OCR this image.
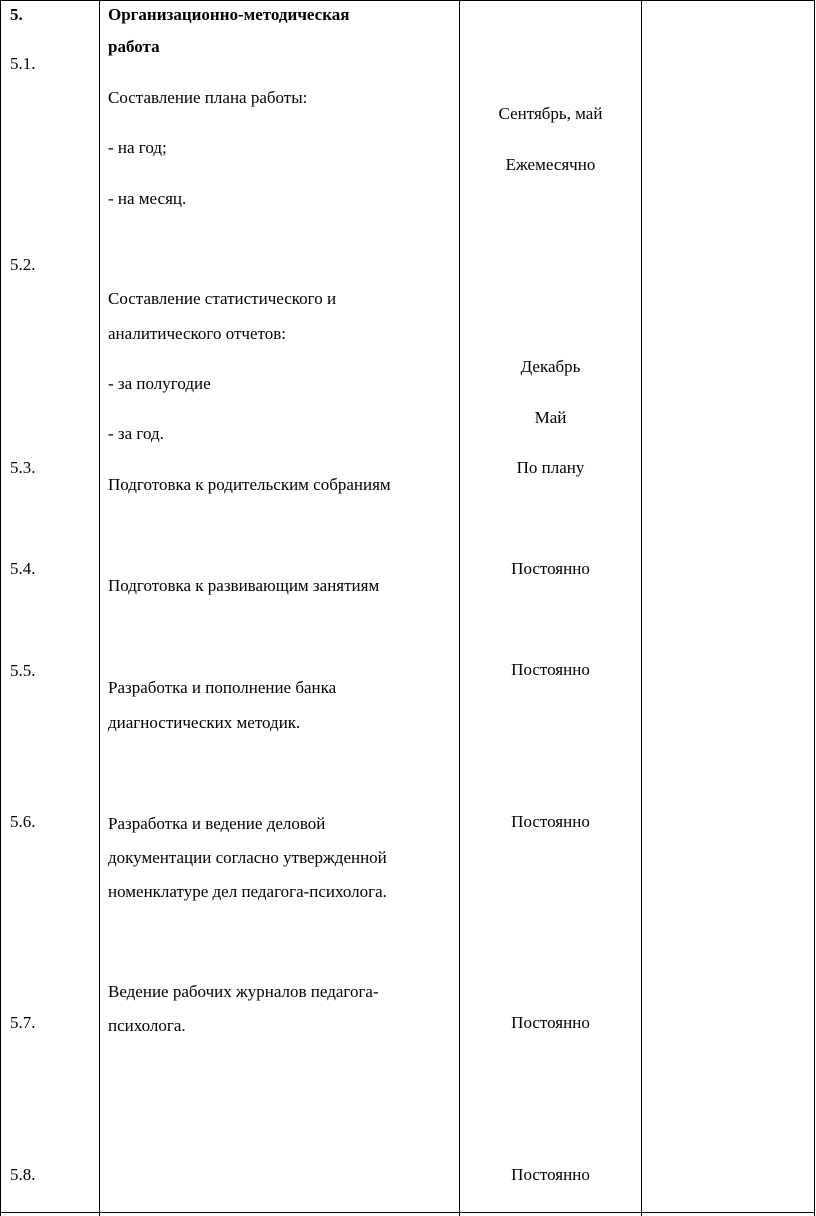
5.
5.1.
5.2.
5.3.
5.4.
5.5.
5.6.
5.7.
5.8.
Организационно-методическая
работа
Составление плана работы:
- на год;
- на месяц.
Составление статистического и
аналитического отчетов:
- за полугодие
- за год.
Подготовка к родительским собраниям
Подготовка к развивающим занятиям
Разработка и пополнение банка
диагностических методик.
Разработка и ведение деловой
документации согласно утвержденной
номенклатуре дел педагога-психолога.
Ведение рабочих журналов педагога-
психолога.
Сентябрь, май
Ежемесячно
Декабрь
Май
По плану
Постоянно
Постоянно
Постоянно
Постоянно
Постоянно
